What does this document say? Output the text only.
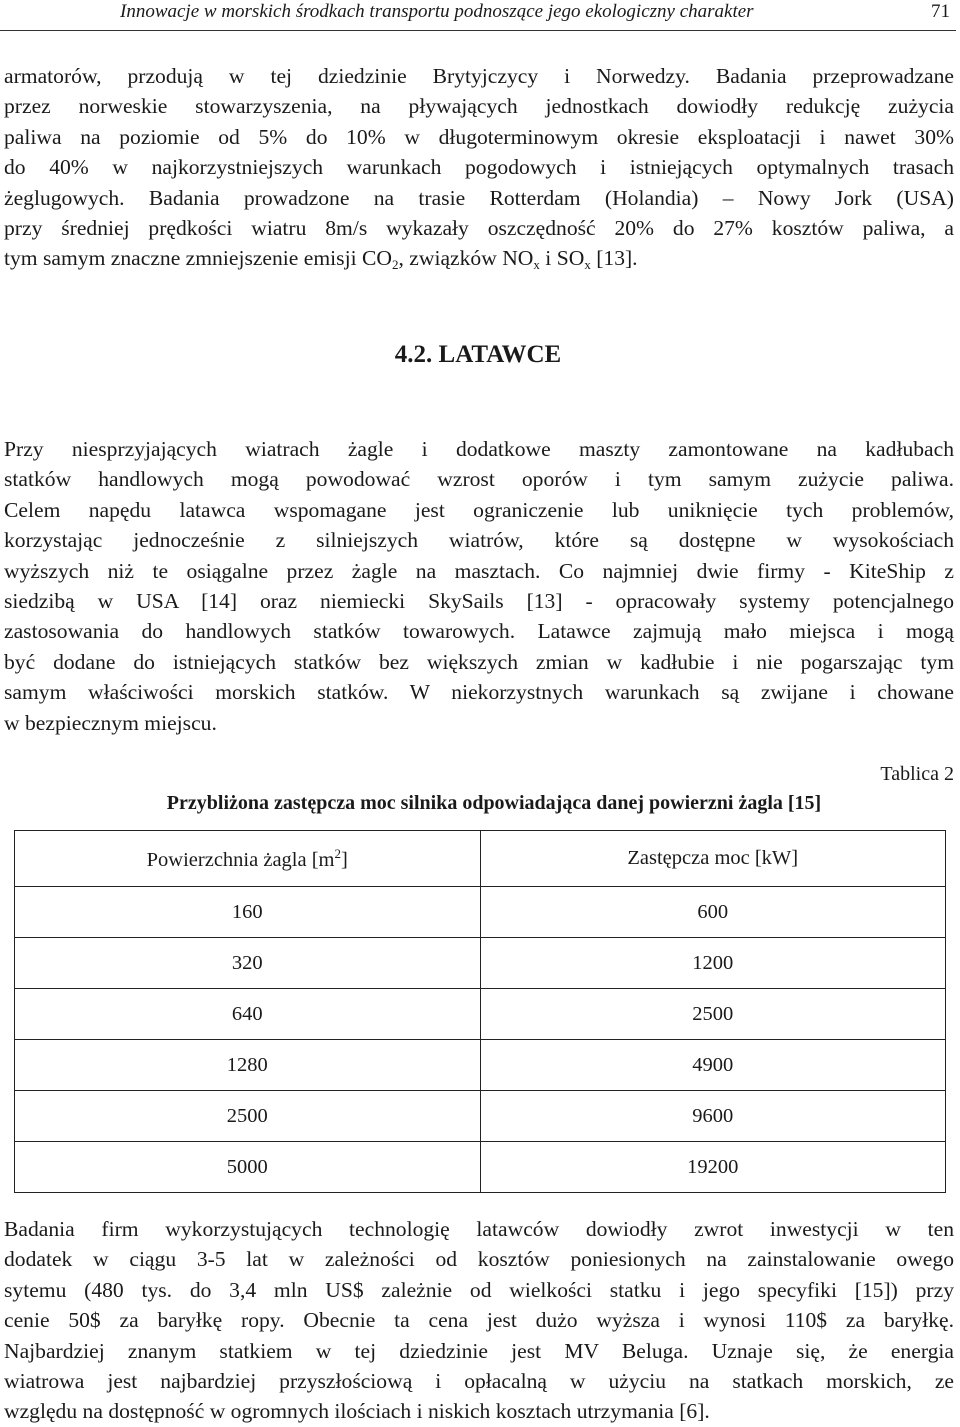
Innowacje w morskich środkach transportu podnoszące jego ekologiczny charakter	71
armatorów, przodują w tej dziedzinie Brytyjczycy i Norwedzy. Badania przeprowadzane
przez norweskie stowarzyszenia, na pływających jednostkach dowiodły redukcję zużycia
paliwa na poziomie od 5% do 10% w długoterminowym okresie eksploatacji i nawet 30%
do 40% w najkorzystniejszych warunkach pogodowych i istniejących optymalnych trasach
żeglugowych. Badania prowadzone na trasie Rotterdam (Holandia) – Nowy Jork (USA)
przy średniej prędkości wiatru 8m/s wykazały oszczędność 20% do 27% kosztów paliwa, a
tym samym znaczne zmniejszenie emisji $CO_2$, związków $NO_x$ i $SO_x$ [13].
4.2. LATAWCE
Przy niesprzyjających wiatrach żagle i dodatkowe maszty zamontowane na kadłubach
statków handlowych mogą powodować wzrost oporów i tym samym zużycie paliwa.
Celem napędu latawca wspomagane jest ograniczenie lub uniknięcie tych problemów,
korzystając jednocześnie z silniejszych wiatrów, które są dostępne w wysokościach
wyższych niż te osiągalne przez żagle na masztach. Co najmniej dwie firmy - KiteShip z
siedzibą w USA [14] oraz niemiecki SkySails [13] - opracowały systemy potencjalnego
zastosowania do handlowych statków towarowych. Latawce zajmują mało miejsca i mogą
być dodane do istniejących statków bez większych zmian w kadłubie i nie pogarszając tym
samym właściwości morskich statków. W niekorzystnych warunkach są zwijane i chowane
w bezpiecznym miejscu.
Tablica 2
Przybliżona zastępcza moc silnika odpowiadająca danej powierzni żagla [15]
Powierzchnia żagla $[m^2]$	Zastępcza moc [kW]
160	600
320	1200
640	2500
1280	4900
2500	9600
5000	19200
Badania firm wykorzystujących technologię latawców dowiodły zwrot inwestycji w ten
dodatek w ciągu 3-5 lat w zależności od kosztów poniesionych na zainstalowanie owego
sytemu (480 tys. do 3,4 mln US$ zależnie od wielkości statku i jego specyfiki [15]) przy
cenie 50$ za baryłkę ropy. Obecnie ta cena jest dużo wyższa i wynosi 110$ za baryłkę.
Najbardziej znanym statkiem w tej dziedzinie jest MV Beluga. Uznaje się, że energia
wiatrowa jest najbardziej przyszłościową i opłacalną w użyciu na statkach morskich, ze
względu na dostępność w ogromnych ilościach i niskich kosztach utrzymania [6].
